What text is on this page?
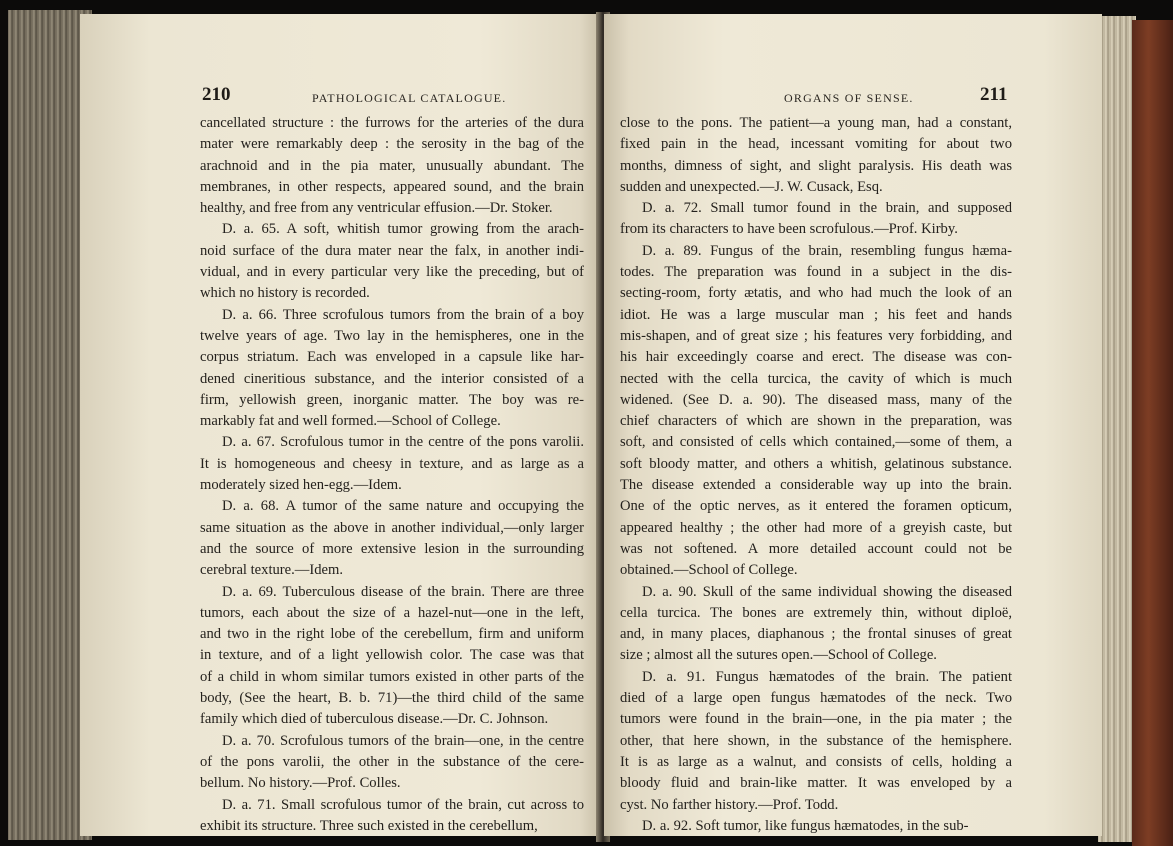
210	PATHOLOGICAL CATALOGUE.
cancellated structure : the furrows for the arteries of the dura
mater were remarkably deep : the serosity in the bag of the
arachnoid and in the pia mater, unusually abundant. The
membranes, in other respects, appeared sound, and the brain
healthy, and free from any ventricular effusion.—Dr. Stoker.
D. a. 65. A soft, whitish tumor growing from the arach-
noid surface of the dura mater near the falx, in another indi-
vidual, and in every particular very like the preceding, but of
which no history is recorded.
D. a. 66. Three scrofulous tumors from the brain of a boy
twelve years of age. Two lay in the hemispheres, one in the
corpus striatum. Each was enveloped in a capsule like har-
dened cineritious substance, and the interior consisted of a
firm, yellowish green, inorganic matter. The boy was re-
markably fat and well formed.—School of College.
D. a. 67. Scrofulous tumor in the centre of the pons varolii.
It is homogeneous and cheesy in texture, and as large as a
moderately sized hen-egg.—Idem.
D. a. 68. A tumor of the same nature and occupying the
same situation as the above in another individual,—only larger
and the source of more extensive lesion in the surrounding
cerebral texture.—Idem.
D. a. 69. Tuberculous disease of the brain. There are three
tumors, each about the size of a hazel-nut—one in the left,
and two in the right lobe of the cerebellum, firm and uniform
in texture, and of a light yellowish color. The case was that
of a child in whom similar tumors existed in other parts of the
body, (See the heart, B. b. 71)—the third child of the same
family which died of tuberculous disease.—Dr. C. Johnson.
D. a. 70. Scrofulous tumors of the brain—one, in the centre
of the pons varolii, the other in the substance of the cere-
bellum. No history.—Prof. Colles.
D. a. 71. Small scrofulous tumor of the brain, cut across to
exhibit its structure. Three such existed in the cerebellum,
ORGANS OF SENSE.	211
close to the pons. The patient—a young man, had a constant,
fixed pain in the head, incessant vomiting for about two
months, dimness of sight, and slight paralysis. His death was
sudden and unexpected.—J. W. Cusack, Esq.
D. a. 72. Small tumor found in the brain, and supposed
from its characters to have been scrofulous.—Prof. Kirby.
D. a. 89. Fungus of the brain, resembling fungus hæma-
todes. The preparation was found in a subject in the dis-
secting-room, forty ætatis, and who had much the look of an
idiot. He was a large muscular man ; his feet and hands
mis-shapen, and of great size ; his features very forbidding, and
his hair exceedingly coarse and erect. The disease was con-
nected with the cella turcica, the cavity of which is much
widened. (See D. a. 90). The diseased mass, many of the
chief characters of which are shown in the preparation, was
soft, and consisted of cells which contained,—some of them, a
soft bloody matter, and others a whitish, gelatinous substance.
The disease extended a considerable way up into the brain.
One of the optic nerves, as it entered the foramen opticum,
appeared healthy ; the other had more of a greyish caste, but
was not softened. A more detailed account could not be
obtained.—School of College.
D. a. 90. Skull of the same individual showing the diseased
cella turcica. The bones are extremely thin, without diploë,
and, in many places, diaphanous ; the frontal sinuses of great
size ; almost all the sutures open.—School of College.
D. a. 91. Fungus hæmatodes of the brain. The patient
died of a large open fungus hæmatodes of the neck. Two
tumors were found in the brain—one, in the pia mater ; the
other, that here shown, in the substance of the hemisphere.
It is as large as a walnut, and consists of cells, holding a
bloody fluid and brain-like matter. It was enveloped by a
cyst. No farther history.—Prof. Todd.
D. a. 92. Soft tumor, like fungus hæmatodes, in the sub-
